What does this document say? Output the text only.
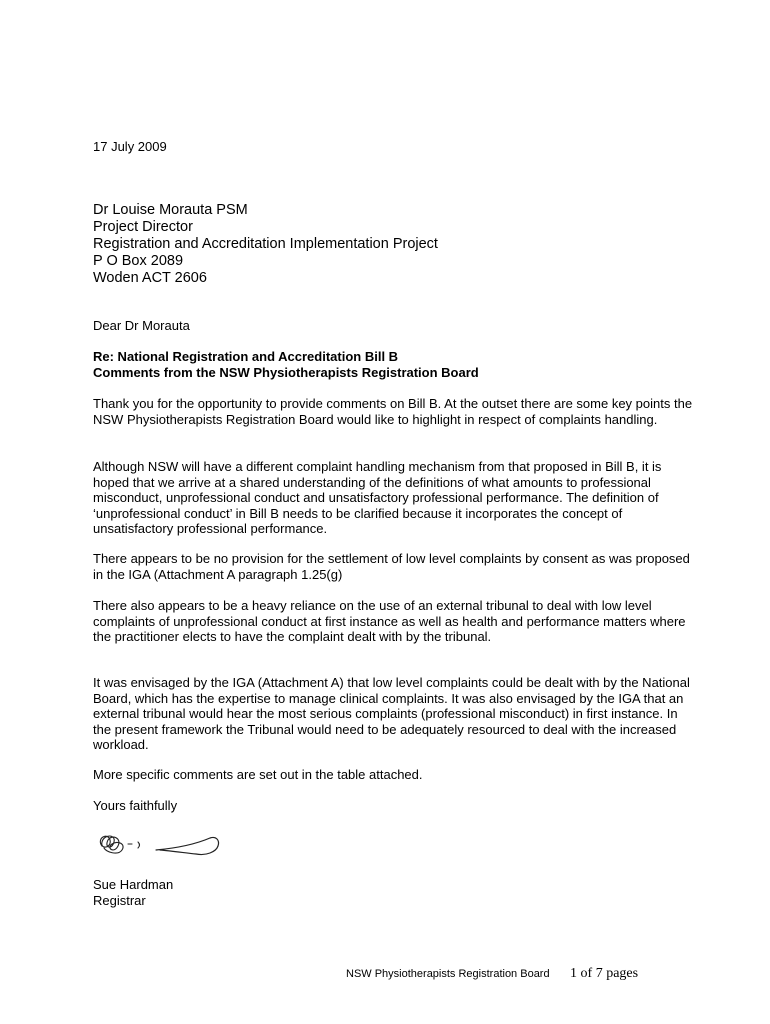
17 July 2009

Dr Louise Morauta PSM
Project Director
Registration and Accreditation Implementation Project
P O Box 2089
Woden ACT 2606

Dear Dr Morauta

Re: National Registration and Accreditation Bill B
Comments from the NSW Physiotherapists Registration Board

Thank you for the opportunity to provide comments on Bill B. At the outset there are some key points the NSW Physiotherapists Registration Board would like to highlight in respect of complaints handling.

Although NSW will have a different complaint handling mechanism from that proposed in Bill B, it is hoped that we arrive at a shared understanding of the definitions of what amounts to professional misconduct, unprofessional conduct and unsatisfactory professional performance. The definition of ‘unprofessional conduct’ in Bill B needs to be clarified because it incorporates the concept of unsatisfactory professional performance.

There appears to be no provision for the settlement of low level complaints by consent as was proposed in the IGA (Attachment A paragraph 1.25(g)

There also appears to be a heavy reliance on the use of an external tribunal to deal with low level complaints of unprofessional conduct at first instance as well as health and performance matters where the practitioner elects to have the complaint dealt with by the tribunal.

It was envisaged by the IGA (Attachment A) that low level complaints could be dealt with by the National Board, which has the expertise to manage clinical complaints. It was also envisaged by the IGA that an external tribunal would hear the most serious complaints (professional misconduct) in first instance. In the present framework the Tribunal would need to be adequately resourced to deal with the increased workload.

More specific comments are set out in the table attached.

Yours faithfully

Sue Hardman
Registrar
NSW Physiotherapists Registration Board 1 of 7 pages
